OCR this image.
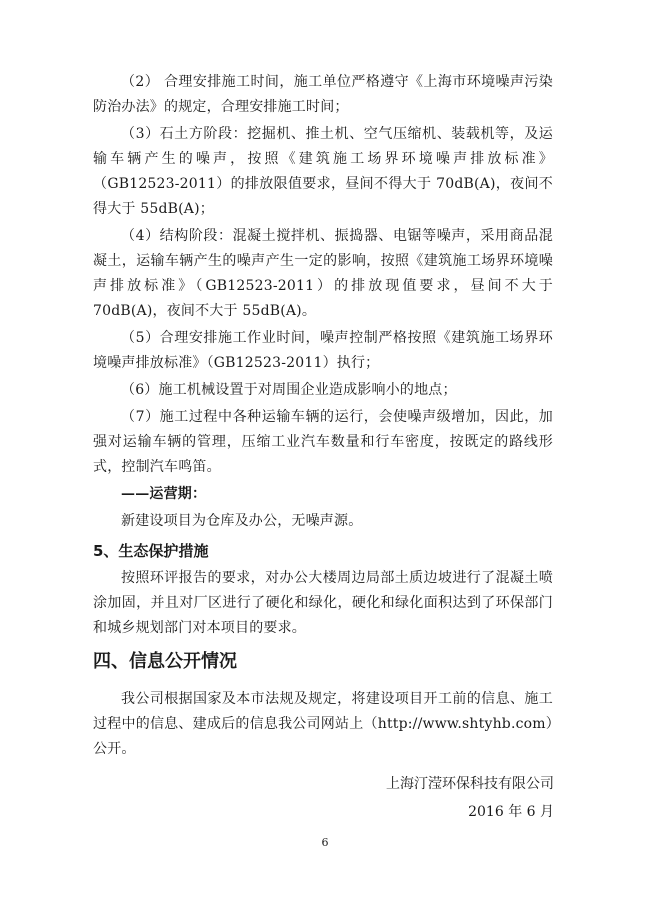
（2） 合理安排施工时间，施工单位严格遵守《上海市环境噪声污染防治办法》的规定，合理安排施工时间；

（3）石土方阶段：挖掘机、推土机、空气压缩机、装载机等，及运输车辆产生的噪声，按照《建筑施工场界环境噪声排放标准》（GB12523-2011）的排放限值要求，昼间不得大于 70dB(A)，夜间不得大于 55dB(A)；

（4）结构阶段：混凝土搅拌机、振捣器、电锯等噪声，采用商品混凝土，运输车辆产生的噪声产生一定的影响，按照《建筑施工场界环境噪声排放标准》（GB12523-2011）的排放现值要求，昼间不大于 70dB(A)，夜间不大于 55dB(A)。

（5）合理安排施工作业时间，噪声控制严格按照《建筑施工场界环境噪声排放标准》（GB12523-2011）执行；

（6）施工机械设置于对周围企业造成影响小的地点；

（7）施工过程中各种运输车辆的运行，会使噪声级增加，因此，加强对运输车辆的管理，压缩工业汽车数量和行车密度，按既定的路线形式，控制汽车鸣笛。

——运营期：

新建设项目为仓库及办公，无噪声源。

5、生态保护措施

按照环评报告的要求，对办公大楼周边局部土质边坡进行了混凝土喷涂加固，并且对厂区进行了硬化和绿化，硬化和绿化面积达到了环保部门和城乡规划部门对本项目的要求。

四、信息公开情况

我公司根据国家及本市法规及规定，将建设项目开工前的信息、施工过程中的信息、建成后的信息我公司网站上（http://www.shtyhb.com）公开。

上海汀滢环保科技有限公司
2016 年 6 月
6
